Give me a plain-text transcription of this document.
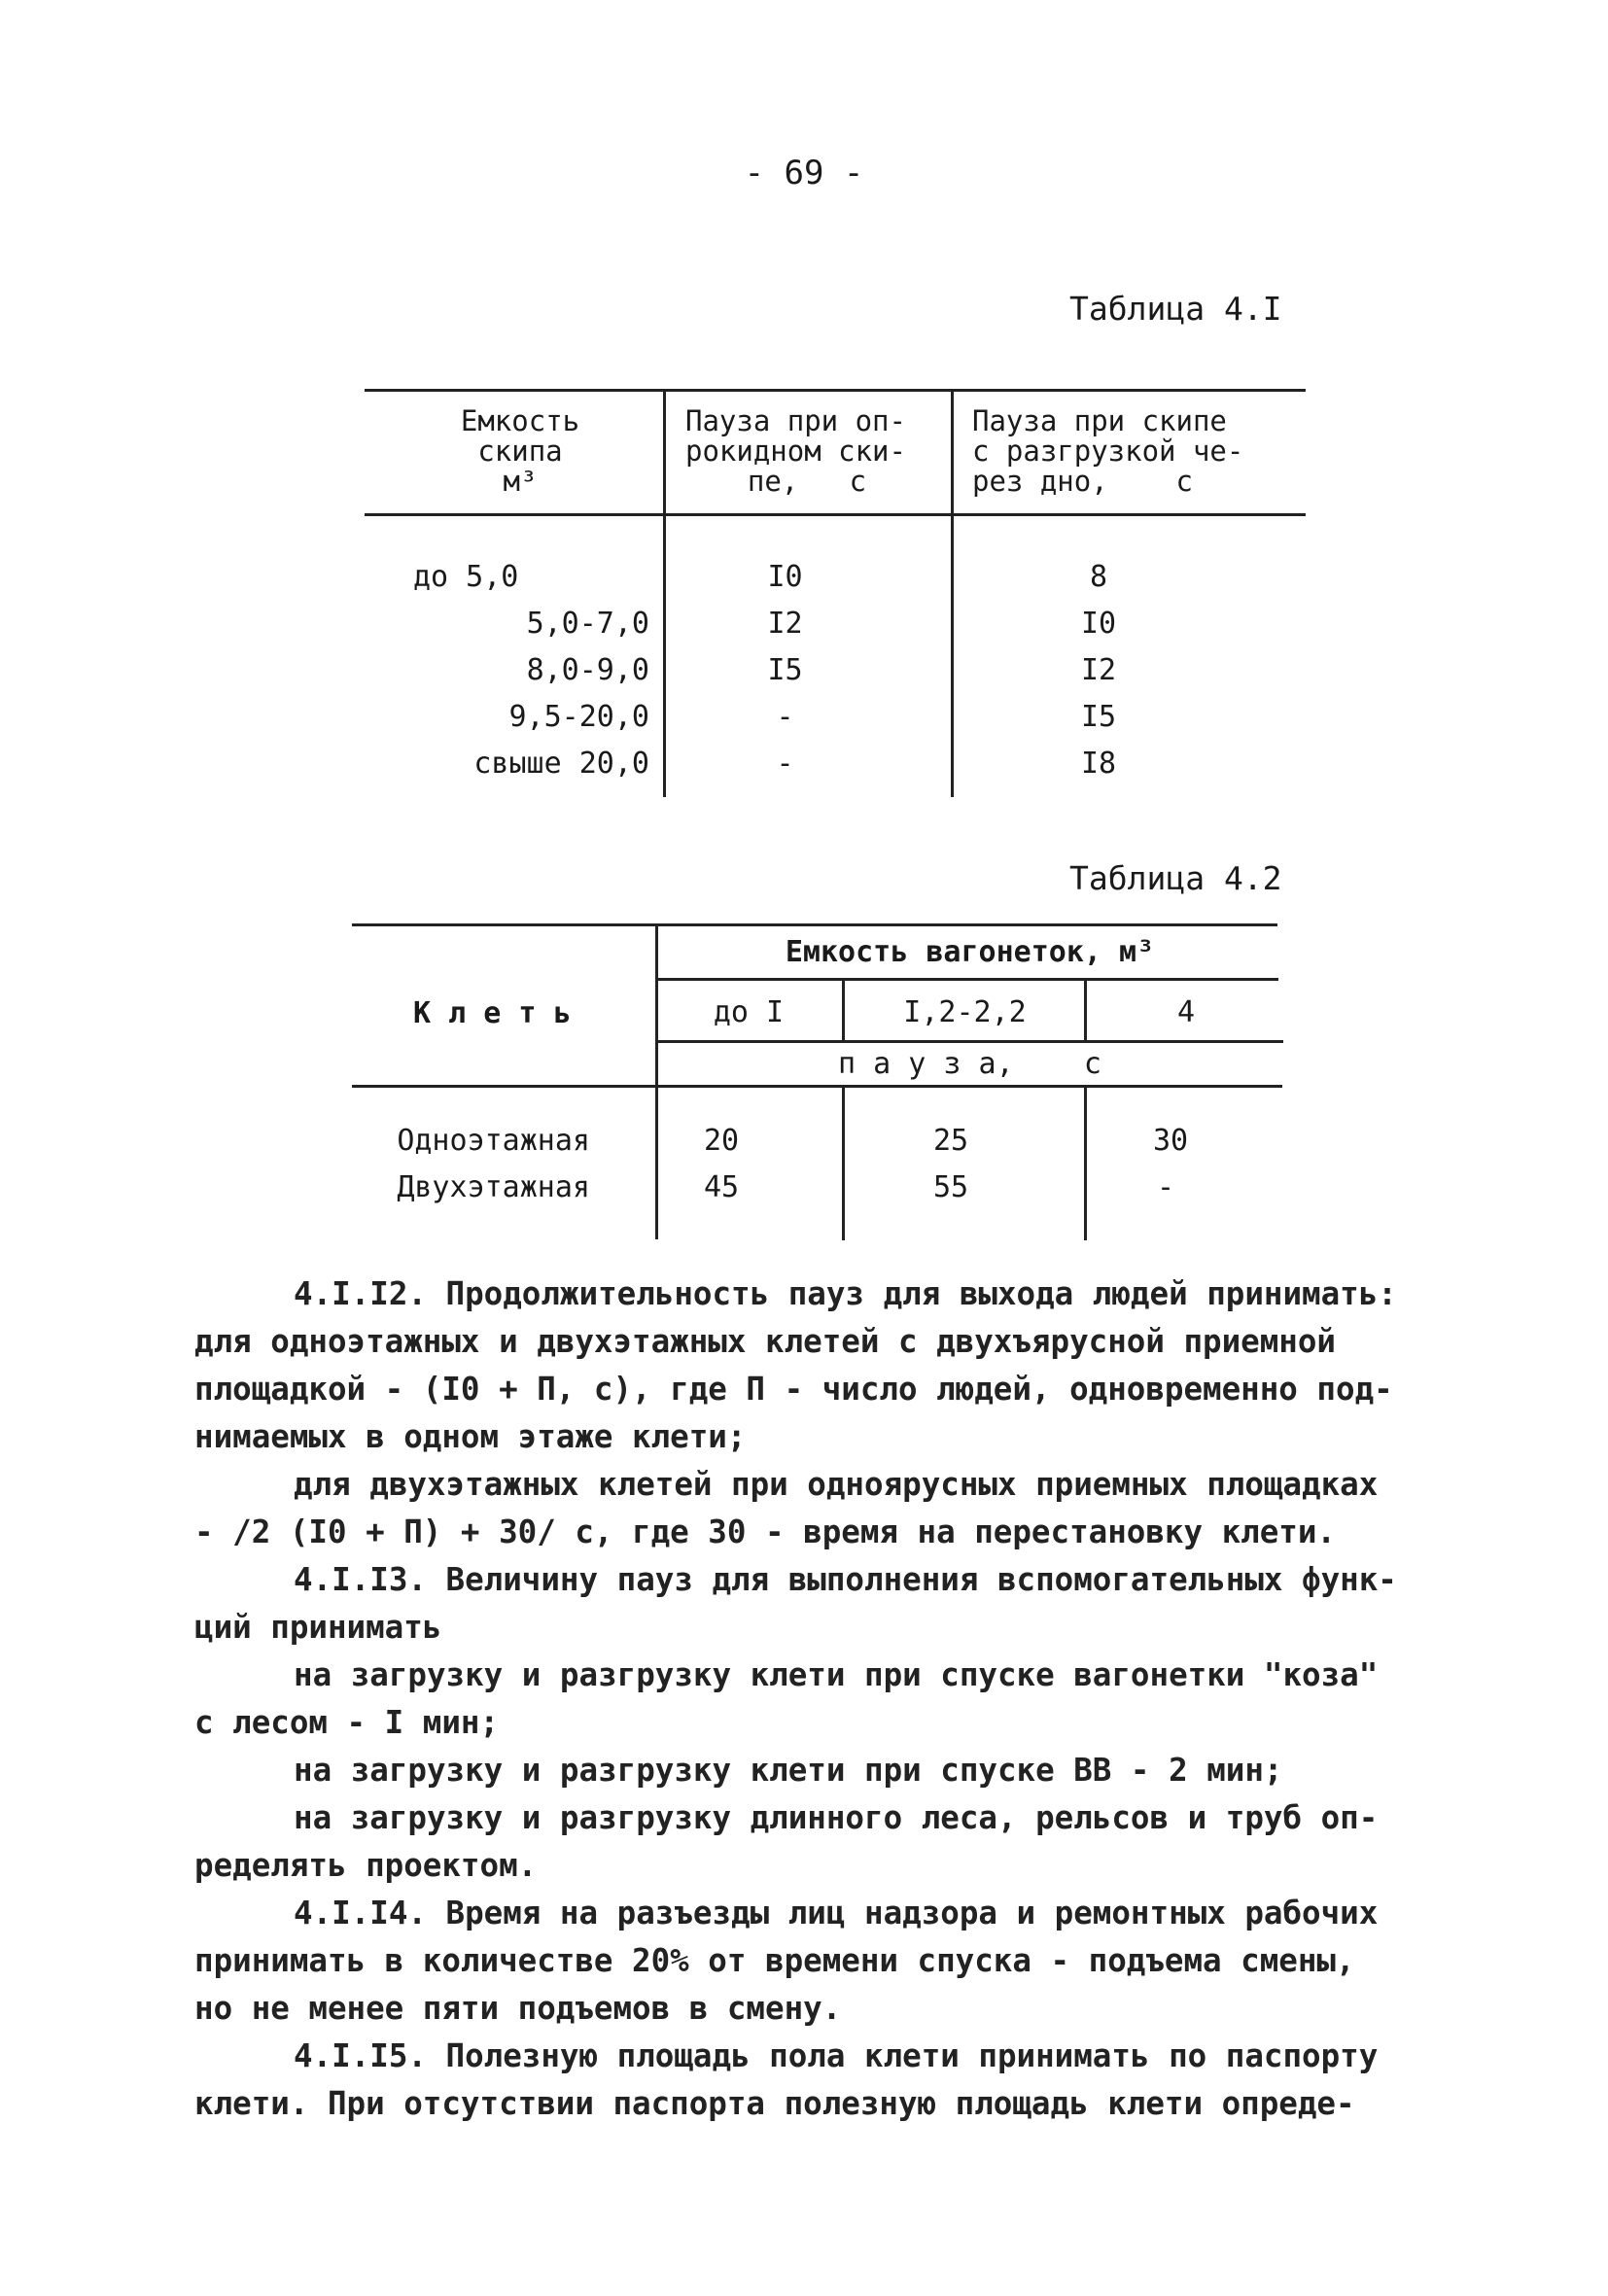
- 69 -
Таблица 4.I
Емкость
скипа
м³
Пауза при оп-
рокидном ски-
пе,   с
Пауза при скипе
с разгрузкой че-
рез дно,    с
до 5,0
5,0-7,0
8,0-9,0
9,5-20,0
свыше 20,0
I0
I2
I5
-
-
8
I0
I2
I5
I8
Таблица 4.2
К л е т ь
Емкость вагонеток, м³
до I	I,2-2,2	4
п а у з а,    с
Одноэтажная
Двухэтажная
20
45
25
55
30
-
4.I.I2. Продолжительность пауз для выхода людей принимать:
для одноэтажных и двухэтажных клетей с двухъярусной приемной
площадкой - (I0 + П, с), где П - число людей, одновременно под-
нимаемых в одном этаже клети;
для двухэтажных клетей при одноярусных приемных площадках
- /2 (I0 + П) + 30/ с, где 30 - время на перестановку клети.
4.I.I3. Величину пауз для выполнения вспомогательных функ-
ций принимать
на загрузку и разгрузку клети при спуске вагонетки "коза"
с лесом - I мин;
на загрузку и разгрузку клети при спуске ВВ - 2 мин;
на загрузку и разгрузку длинного леса, рельсов и труб оп-
ределять проектом.
4.I.I4. Время на разъезды лиц надзора и ремонтных рабочих
принимать в количестве 20% от времени спуска - подъема смены,
но не менее пяти подъемов в смену.
4.I.I5. Полезную площадь пола клети принимать по паспорту
клети. При отсутствии паспорта полезную площадь клети опреде-
